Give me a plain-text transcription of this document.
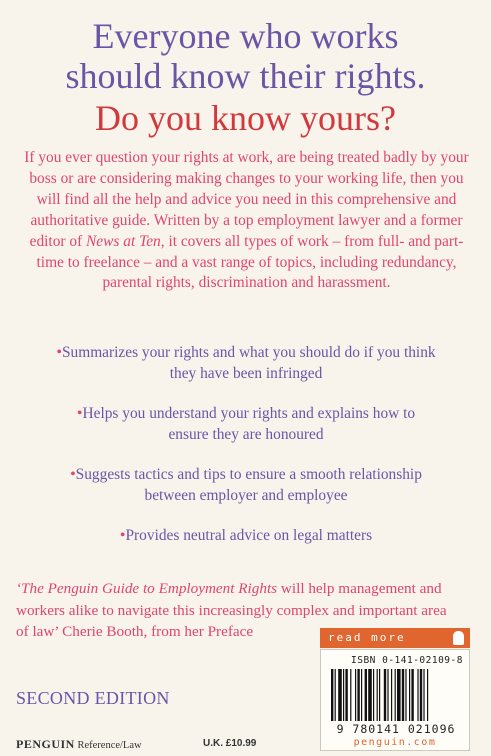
Everyone who works
should know their rights.
Do you know yours?
If you ever question your rights at work, are being treated badly by your boss or are considering making changes to your working life, then you will find all the help and advice you need in this comprehensive and authoritative guide. Written by a top employment lawyer and a former editor of News at Ten, it covers all types of work – from full- and part-time to freelance – and a vast range of topics, including redundancy, parental rights, discrimination and harassment.
•Summarizes your rights and what you should do if you think
they have been infringed
•Helps you understand your rights and explains how to
ensure they are honoured
•Suggests tactics and tips to ensure a smooth relationship
between employer and employee
•Provides neutral advice on legal matters
‘The Penguin Guide to Employment Rights will help management and workers alike to navigate this increasingly complex and important area of law’ Cherie Booth, from her Preface
SECOND EDITION
PENGUIN Reference/Law	U.K. £10.99
read more
ISBN 0-141-02109-8
9 780141 021096
penguin.com
